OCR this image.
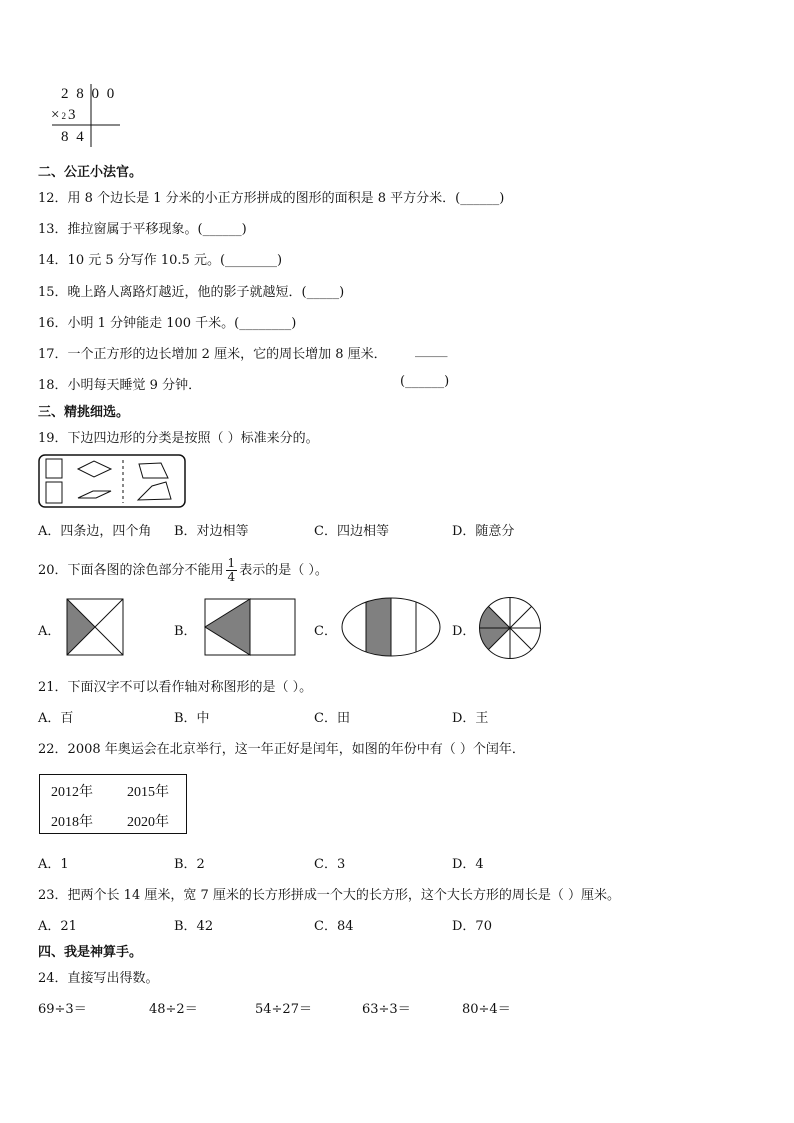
2 8 0 0
×23
8 4
二、公正小法官。
12．用 8 个边长是 1 分米的小正方形拼成的图形的面积是 8 平方分米．(______)
13．推拉窗属于平移现象。(______)
14．10 元 5 分写作 10.5 元。(________)
15．晚上路人离路灯越近，他的影子就越短．(_____)
16．小明 1 分钟能走 100 千米。(________)
17．一个正方形的边长增加 2 厘米，它的周长增加 8 厘米． _____
18．小明每天睡觉 9 分钟．	(______)
三、精挑细选。
19．下边四边形的分类是按照（ ）标准来分的。
A．四条边，四个角 B．对边相等	C．四边相等	D．随意分
20．下面各图的涂色部分不能用 $\frac{1}{4}$ 表示的是（ ）。
A．	B．	C．	D．
21．下面汉字不可以看作轴对称图形的是（ ）。
A．百	B．中	C．田	D．王
22．2008 年奥运会在北京举行，这一年正好是闰年，如图的年份中有（ ）个闰年．
2012年 2015年
2018年 2020年
A．1	B．2	C．3	D．4
23．把两个长 14 厘米，宽 7 厘米的长方形拼成一个大的长方形，这个大长方形的周长是（ ）厘米。
A．21	B．42	C．84	D．70
四、我是神算手。
24．直接写出得数。
69÷3＝	48÷2＝	54÷27＝	63÷3＝	80÷4＝
